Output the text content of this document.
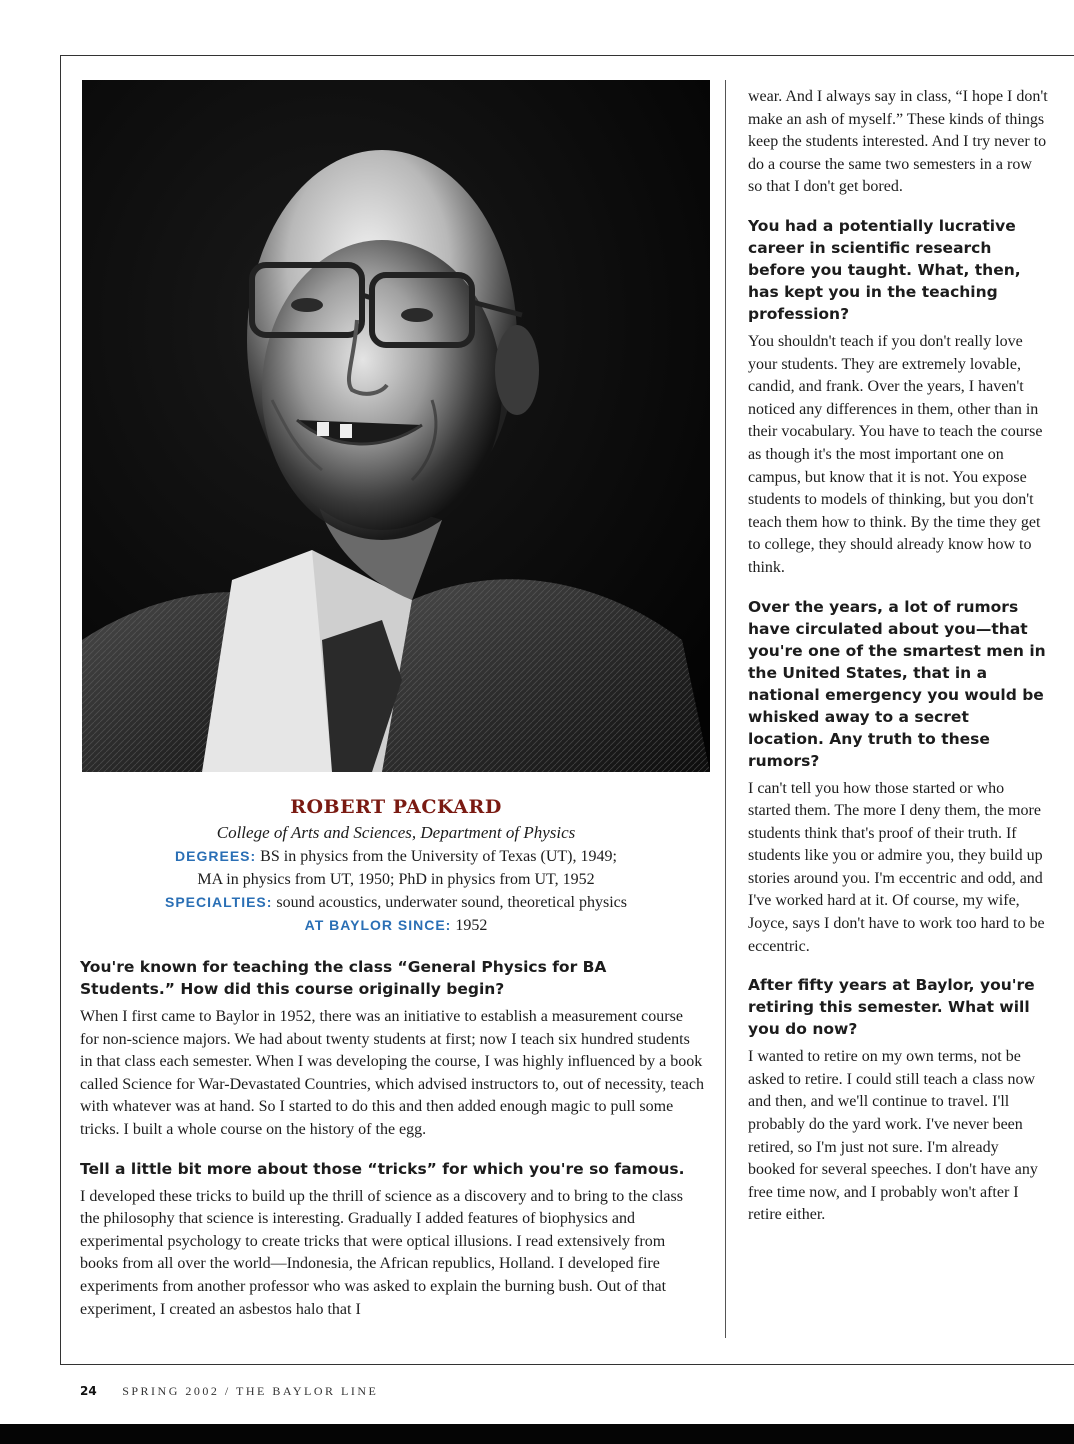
ROBERT PACKARD
College of Arts and Sciences, Department of Physics
DEGREES: BS in physics from the University of Texas (UT), 1949;
MA in physics from UT, 1950; PhD in physics from UT, 1952
SPECIALTIES: sound acoustics, underwater sound, theoretical physics
AT BAYLOR SINCE: 1952

You're known for teaching the class “General Physics for BA Students.” How did this course originally begin?

When I first came to Baylor in 1952, there was an initiative to establish a measurement course for non-science majors. We had about twenty students at first; now I teach six hundred students in that class each semester. When I was developing the course, I was highly influenced by a book called Science for War-Devastated Countries, which advised instructors to, out of necessity, teach with whatever was at hand. So I started to do this and then added enough magic to pull some tricks. I built a whole course on the history of the egg.

Tell a little bit more about those “tricks” for which you're so famous.

I developed these tricks to build up the thrill of science as a discovery and to bring to the class the philosophy that science is interesting. Gradually I added features of biophysics and experimental psychology to create tricks that were optical illusions. I read extensively from books from all over the world—Indonesia, the African republics, Holland. I developed fire experiments from another professor who was asked to explain the burning bush. Out of that experiment, I created an asbestos halo that I

wear. And I always say in class, “I hope I don't make an ash of myself.” These kinds of things keep the students interested. And I try never to do a course the same two semesters in a row so that I don't get bored.

You had a potentially lucrative career in scientific research before you taught. What, then, has kept you in the teaching profession?

You shouldn't teach if you don't really love your students. They are extremely lovable, candid, and frank. Over the years, I haven't noticed any differences in them, other than in their vocabulary. You have to teach the course as though it's the most important one on campus, but know that it is not. You expose students to models of thinking, but you don't teach them how to think. By the time they get to college, they should already know how to think.

Over the years, a lot of rumors have circulated about you—that you're one of the smartest men in the United States, that in a national emergency you would be whisked away to a secret location. Any truth to these rumors?

I can't tell you how those started or who started them. The more I deny them, the more students think that's proof of their truth. If students like you or admire you, they build up stories around you. I'm eccentric and odd, and I've worked hard at it. Of course, my wife, Joyce, says I don't have to work too hard to be eccentric.

After fifty years at Baylor, you're retiring this semester. What will you do now?

I wanted to retire on my own terms, not be asked to retire. I could still teach a class now and then, and we'll continue to travel. I'll probably do the yard work. I've never been retired, so I'm just not sure. I'm already booked for several speeches. I don't have any free time now, and I probably won't after I retire either.

24 SPRING 2002 / THE BAYLOR LINE
